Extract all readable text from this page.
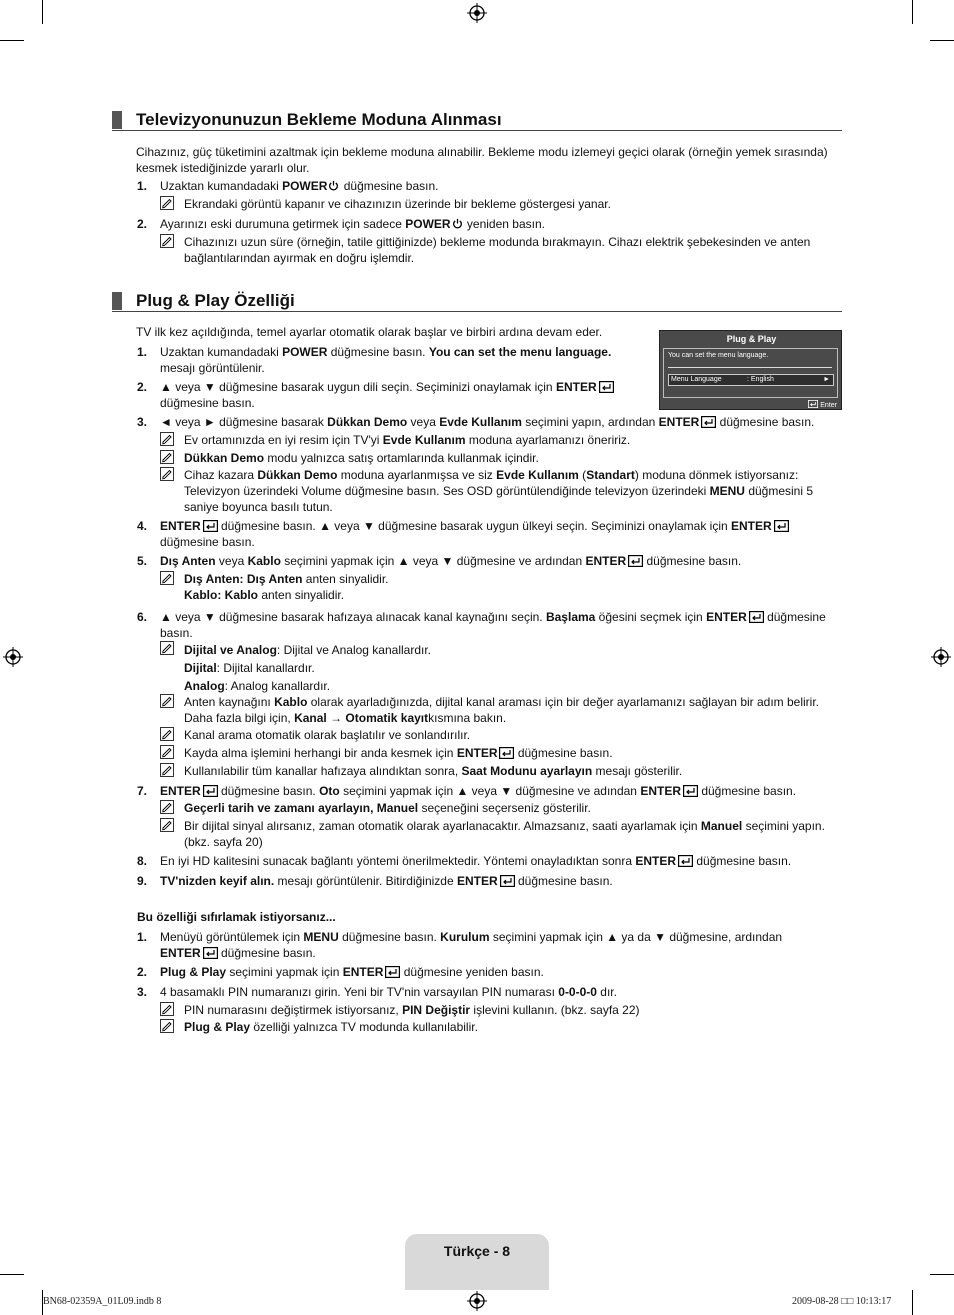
Televizyonunuzun Bekleme Moduna Alınması
Cihazınız, güç tüketimini azaltmak için bekleme moduna alınabilir. Bekleme modu izlemeyi geçici olarak (örneğin yemek sırasında) kesmek istediğinizde yararlı olur.
1. Uzaktan kumandadaki POWER düğmesine basın.
Ekrandaki görüntü kapanır ve cihazınızın üzerinde bir bekleme göstergesi yanar.
2. Ayarınızı eski durumuna getirmek için sadece POWER yeniden basın.
Cihazınızı uzun süre (örneğin, tatile gittiğinizde) bekleme modunda bırakmayın. Cihazı elektrik şebekesinden ve anten bağlantılarından ayırmak en doğru işlemdir.
Plug & Play Özelliği
TV ilk kez açıldığında, temel ayarlar otomatik olarak başlar ve birbiri ardına devam eder.	Plug & Play
You can set the menu language.
Menu Language	: English	►
Enter
1. Uzaktan kumandadaki POWER düğmesine basın. You can set the menu language.
mesajı görüntülenir.
2. ▲ veya ▼ düğmesine basarak uygun dili seçin. Seçiminizi onaylamak için ENTER
düğmesine basın.
3. ◄ veya ► düğmesine basarak Dükkan Demo veya Evde Kullanım seçimini yapın, ardından ENTER düğmesine basın.
Ev ortamınızda en iyi resim için TV'yi Evde Kullanım moduna ayarlamanızı öneririz.
Dükkan Demo modu yalnızca satış ortamlarında kullanmak içindir.
Cihaz kazara Dükkan Demo moduna ayarlanmışsa ve siz Evde Kullanım (Standart) moduna dönmek istiyorsanız:
Televizyon üzerindeki Volume düğmesine basın. Ses OSD görüntülendiğinde televizyon üzerindeki MENU düğmesini 5
saniye boyunca basılı tutun.
4. ENTER düğmesine basın. ▲ veya ▼ düğmesine basarak uygun ülkeyi seçin. Seçiminizi onaylamak için ENTER
düğmesine basın.
5. Dış Anten veya Kablo seçimini yapmak için ▲ veya ▼ düğmesine ve ardından ENTER düğmesine basın.
Dış Anten: Dış Anten anten sinyalidir.
Kablo: Kablo anten sinyalidir.
6. ▲ veya ▼ düğmesine basarak hafızaya alınacak kanal kaynağını seçin. Başlama öğesini seçmek için ENTER düğmesine
basın.
Dijital ve Analog: Dijital ve Analog kanallardır.
Dijital: Dijital kanallardır.
Analog: Analog kanallardır.
Anten kaynağını Kablo olarak ayarladığınızda, dijital kanal araması için bir değer ayarlamanızı sağlayan bir adım belirir.
Daha fazla bilgi için, Kanal → Otomatik kayıtkısmına bakın.
Kanal arama otomatik olarak başlatılır ve sonlandırılır.
Kayda alma işlemini herhangi bir anda kesmek için ENTER düğmesine basın.
Kullanılabilir tüm kanallar hafızaya alındıktan sonra, Saat Modunu ayarlayın mesajı gösterilir.
7. ENTER düğmesine basın. Oto seçimini yapmak için ▲ veya ▼ düğmesine ve adından ENTER düğmesine basın.
Geçerli tarih ve zamanı ayarlayın, Manuel seçeneğini seçerseniz gösterilir.
Bir dijital sinyal alırsanız, zaman otomatik olarak ayarlanacaktır. Almazsanız, saati ayarlamak için Manuel seçimini yapın.
(bkz. sayfa 20)
8. En iyi HD kalitesini sunacak bağlantı yöntemi önerilmektedir. Yöntemi onayladıktan sonra ENTER düğmesine basın.
9. TV'nizden keyif alın. mesajı görüntülenir. Bitirdiğinizde ENTER düğmesine basın.
Bu özelliği sıfırlamak istiyorsanız...
1. Menüyü görüntülemek için MENU düğmesine basın. Kurulum seçimini yapmak için ▲ ya da ▼ düğmesine, ardından
ENTER düğmesine basın.
2. Plug & Play seçimini yapmak için ENTER düğmesine yeniden basın.
3. 4 basamaklı PIN numaranızı girin. Yeni bir TV'nin varsayılan PIN numarası 0-0-0-0 dır.
PIN numarasını değiştirmek istiyorsanız, PIN Değiştir işlevini kullanın. (bkz. sayfa 22)
Plug & Play özelliği yalnızca TV modunda kullanılabilir.
Türkçe - 8
BN68-02359A_01L09.indb 8	2009-08-28 □□ 10:13:17
